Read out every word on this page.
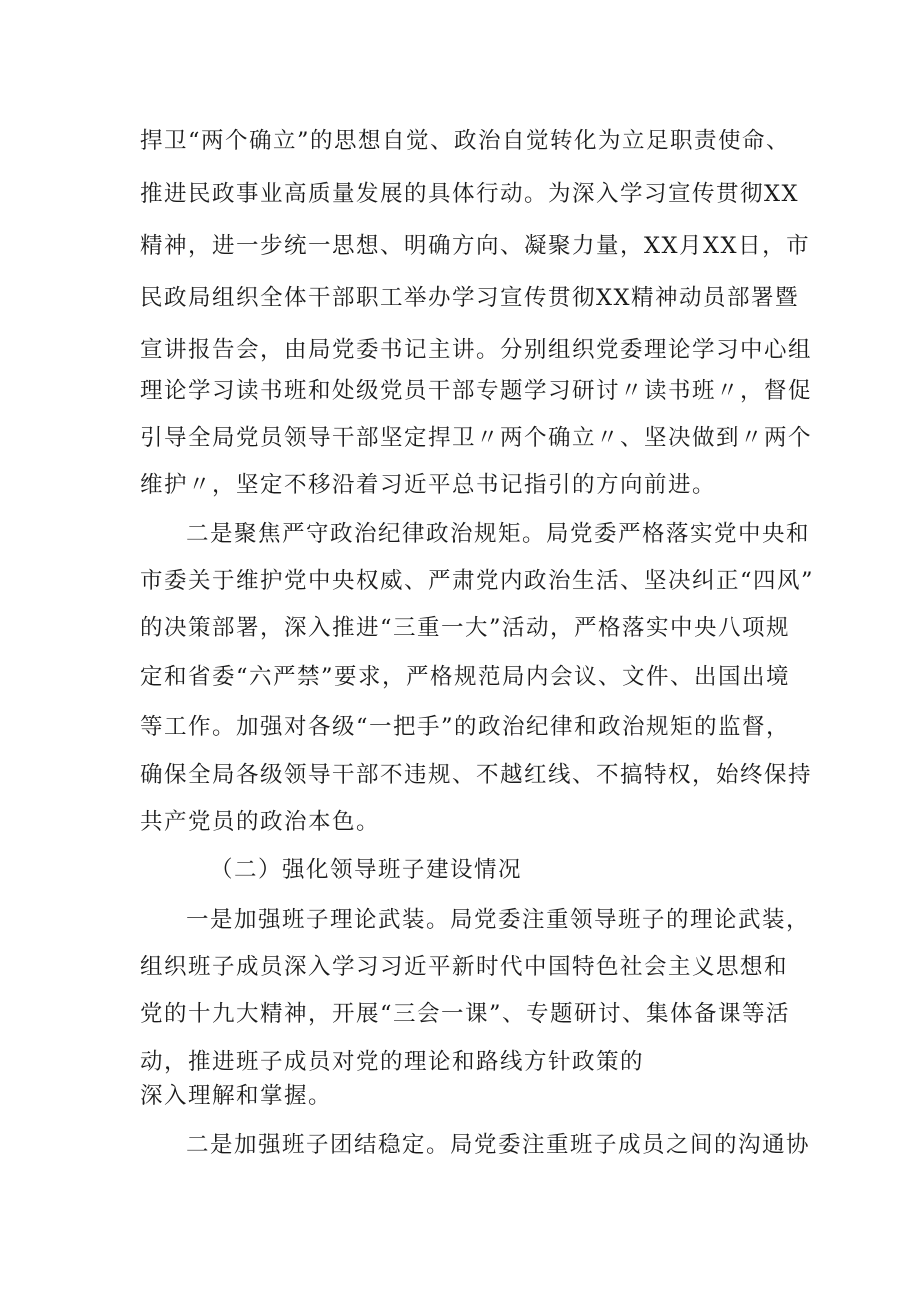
捍卫“两个确立”的思想自觉、政治自觉转化为立足职责使命、
推进民政事业高质量发展的具体行动。为深入学习宣传贯彻XX
精神，进一步统一思想、明确方向、凝聚力量，XX月XX日，市
民政局组织全体干部职工举办学习宣传贯彻XX精神动员部署暨
宣讲报告会，由局党委书记主讲。分别组织党委理论学习中心组
理论学习读书班和处级党员干部专题学习研讨〃读书班〃，督促
引导全局党员领导干部坚定捍卫〃两个确立〃、坚决做到〃两个
维护〃，坚定不移沿着习近平总书记指引的方向前进。
二是聚焦严守政治纪律政治规矩。局党委严格落实党中央和
市委关于维护党中央权威、严肃党内政治生活、坚决纠正“四风”
的决策部署，深入推进“三重一大”活动，严格落实中央八项规
定和省委“六严禁”要求，严格规范局内会议、文件、出国出境
等工作。加强对各级“一把手”的政治纪律和政治规矩的监督，
确保全局各级领导干部不违规、不越红线、不搞特权，始终保持
共产党员的政治本色。
（二）强化领导班子建设情况
一是加强班子理论武装。局党委注重领导班子的理论武装，
组织班子成员深入学习习近平新时代中国特色社会主义思想和
党的十九大精神，开展“三会一课”、专题研讨、集体备课等活
动，推进班子成员对党的理论和路线方针政策的
深入理解和掌握。
二是加强班子团结稳定。局党委注重班子成员之间的沟通协
